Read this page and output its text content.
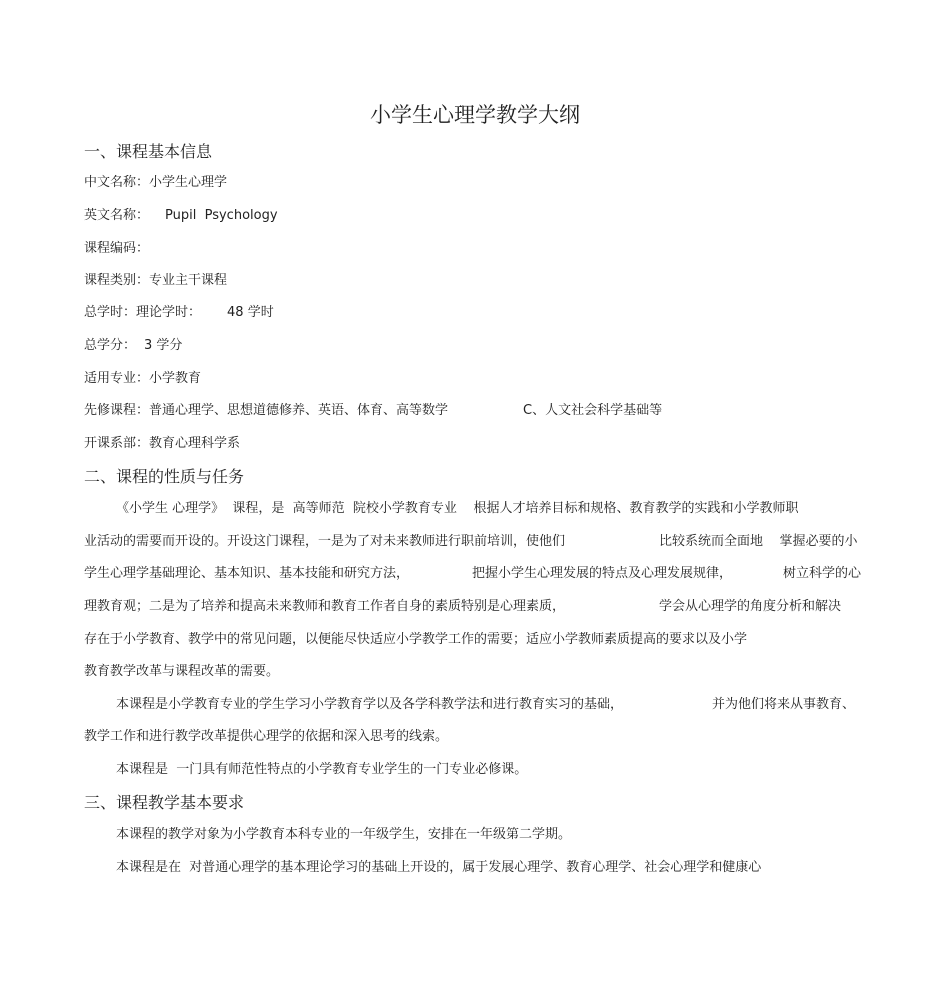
小学生心理学教学大纲
一、课程基本信息
中文名称：小学生心理学
英文名称： Pupil  Psychology
课程编码：
课程类别：专业主干课程
总学时：理论学时： 48 学时
总学分： 3 学分
适用专业：小学教育
先修课程：普通心理学、思想道德修养、英语、体育、高等数学	C、人文社会科学基础等
开课系部：教育心理科学系
二、课程的性质与任务
《小学生 心理学》  课程，是  高等师范  院校小学教育专业    根据人才培养目标和规格、教育教学的实践和小学教师职
业活动的需要而开设的。开设这门课程，一是为了对未来教师进行职前培训，使他们	比较系统而全面地    掌握必要的小
学生心理学基础理论、基本知识、基本技能和研究方法，	把握小学生心理发展的特点及心理发展规律，	树立科学的心
理教育观；二是为了培养和提高未来教师和教育工作者自身的素质特别是心理素质，	学会从心理学的角度分析和解决
存在于小学教育、教学中的常见问题，以便能尽快适应小学教学工作的需要；适应小学教师素质提高的要求以及小学
教育教学改革与课程改革的需要。
本课程是小学教育专业的学生学习小学教育学以及各学科教学法和进行教育实习的基础，	并为他们将来从事教育、
教学工作和进行教学改革提供心理学的依据和深入思考的线索。
本课程是  一门具有师范性特点的小学教育专业学生的一门专业必修课。
三、课程教学基本要求
本课程的教学对象为小学教育本科专业的一年级学生，安排在一年级第二学期。
本课程是在  对普通心理学的基本理论学习的基础上开设的，属于发展心理学、教育心理学、社会心理学和健康心
